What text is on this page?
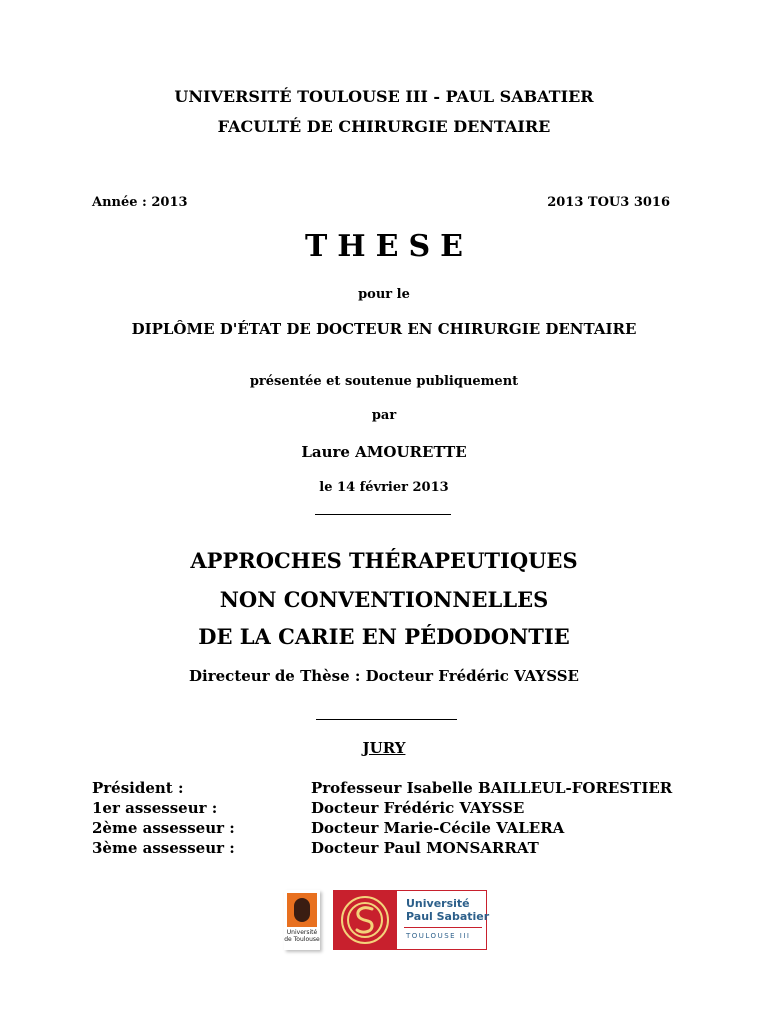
UNIVERSITÉ TOULOUSE III - PAUL SABATIER
FACULTÉ DE CHIRURGIE DENTAIRE
Année : 2013	2013 TOU3 3016
THESE
pour le
DIPLÔME D'ÉTAT DE DOCTEUR EN CHIRURGIE DENTAIRE
présentée et soutenue publiquement
par
Laure AMOURETTE
le 14 février 2013
APPROCHES THÉRAPEUTIQUES
NON CONVENTIONNELLES
DE LA CARIE EN PÉDODONTIE
Directeur de Thèse : Docteur Frédéric VAYSSE
JURY
Président :	Professeur Isabelle BAILLEUL-FORESTIER
1er assesseur :	Docteur Frédéric VAYSSE
2ème assesseur :	Docteur Marie-Cécile VALERA
3ème assesseur :	Docteur Paul MONSARRAT
Université
de Toulouse
Université
Paul Sabatier
TOULOUSE III
